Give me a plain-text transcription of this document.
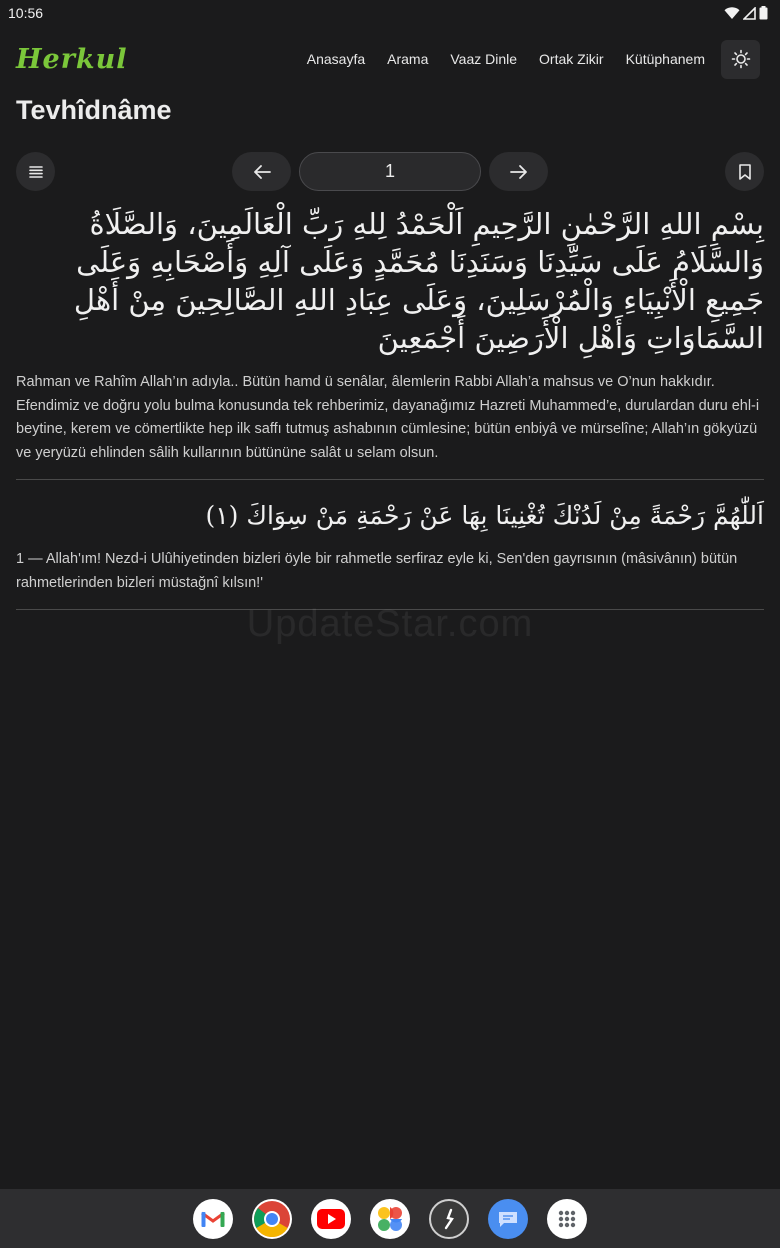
10:56
Herkul	Anasayfa Arama Vaaz Dinle Ortak Zikir Kütüphanem
Tevhîdnâme
1

بِسْمِ اللهِ الرَّحْمٰنِ الرَّحِيمِ اَلْحَمْدُ لِلهِ رَبِّ الْعَالَمِينَ، وَالصَّلَاةُ وَالسَّلَامُ عَلَى سَيِّدِنَا وَسَنَدِنَا مُحَمَّدٍ وَعَلَى آلِهِ وَأَصْحَابِهِ وَعَلَى جَمِيعِ الْأَنْبِيَاءِ وَالْمُرْسَلِينَ، وَعَلَى عِبَادِ اللهِ الصَّالِحِينَ مِنْ أَهْلِ السَّمَاوَاتِ وَأَهْلِ الْأَرَضِينَ أَجْمَعِينَ

Rahman ve Rahîm Allah’ın adıyla.. Bütün hamd ü senâlar, âlemlerin Rabbi Allah’a mahsus ve O’nun hakkıdır. Efendimiz ve doğru yolu bulma konusunda tek rehberimiz, dayanağımız Hazreti Muhammed’e, durulardan duru ehl-i beytine, kerem ve cömertlikte hep ilk saffı tutmuş ashabının cümlesine; bütün enbiyâ ve mürselîne; Allah’ın gökyüzü ve yeryüzü ehlinden sâlih kullarının bütününe salât u selam olsun.

اَللّٰهُمَّ رَحْمَةً مِنْ لَدُنْكَ تُغْنِينَا بِهَا عَنْ رَحْمَةِ مَنْ سِوَاكَ (١)

1 — Allah'ım! Nezd-i Ulûhiyetinden bizleri öyle bir rahmetle serfiraz eyle ki, Sen'den gayrısının (mâsivânın) bütün rahmetlerinden bizleri müstağnî kılsın!'

UpdateStar.com
